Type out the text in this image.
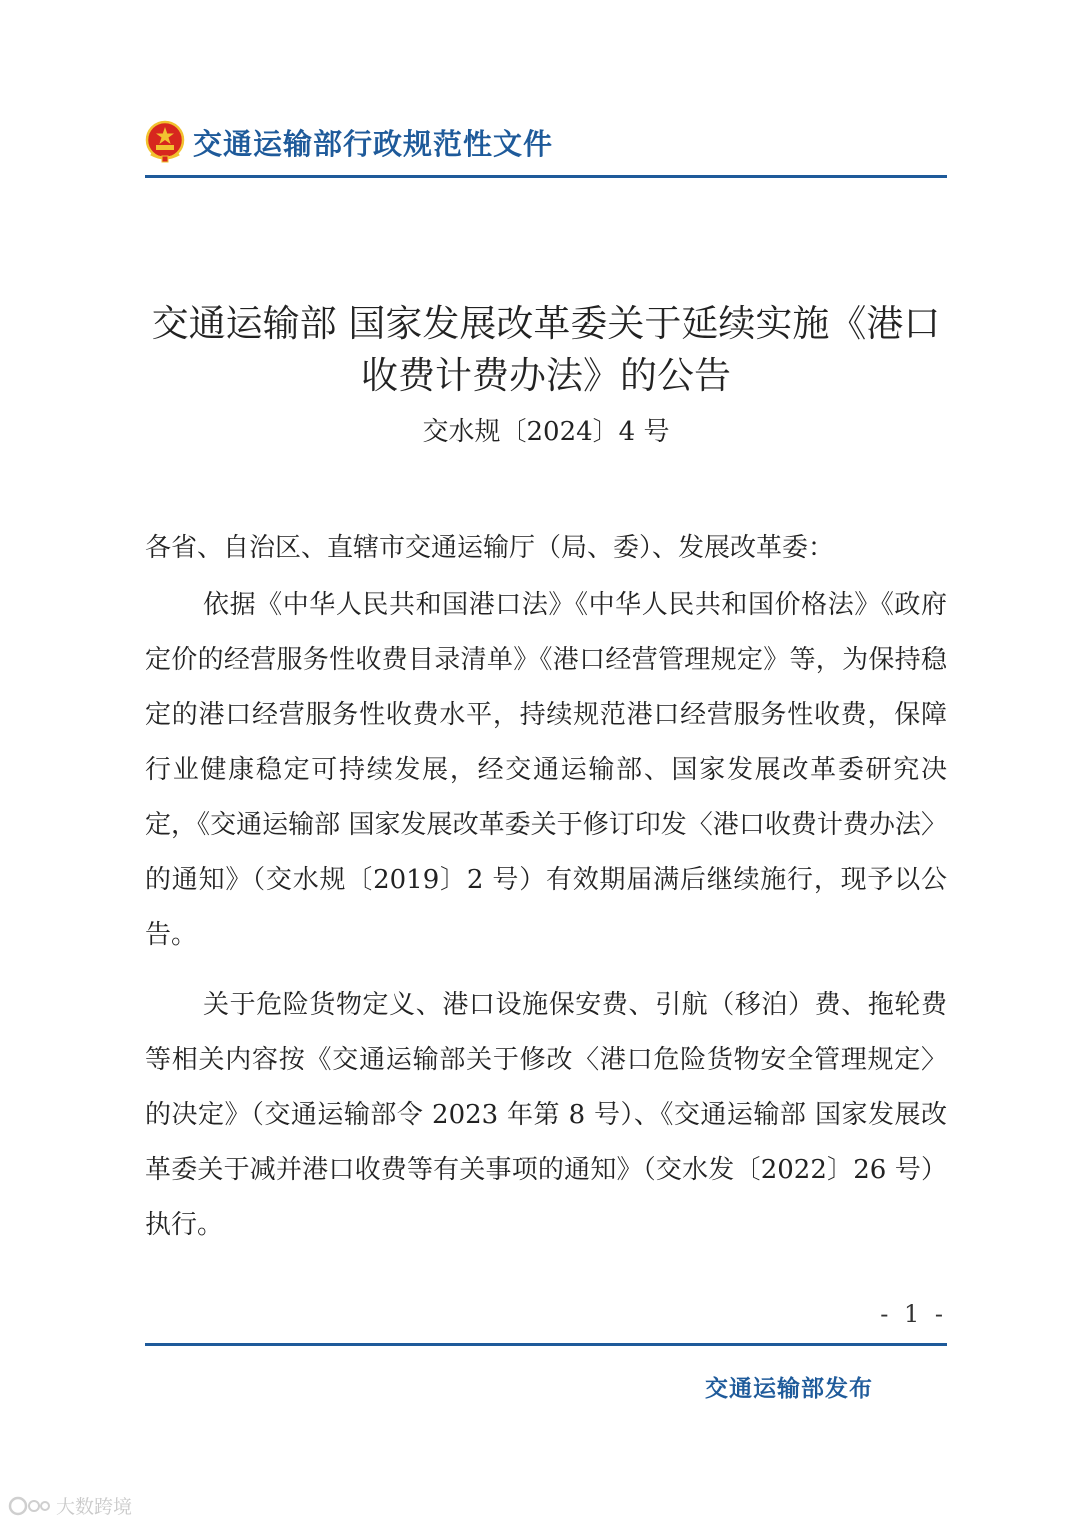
交通运输部行政规范性文件
交通运输部 国家发展改革委关于延续实施《港口收费计费办法》的公告
交水规〔2024〕4 号

各省、自治区、直辖市交通运输厅（局、委）、发展改革委：

依据《中华人民共和国港口法》《中华人民共和国价格法》《政府定价的经营服务性收费目录清单》《港口经营管理规定》等，为保持稳定的港口经营服务性收费水平，持续规范港口经营服务性收费，保障行业健康稳定可持续发展，经交通运输部、国家发展改革委研究决定，《交通运输部 国家发展改革委关于修订印发〈港口收费计费办法〉的通知》（交水规〔2019〕2 号）有效期届满后继续施行，现予以公告。

关于危险货物定义、港口设施保安费、引航（移泊）费、拖轮费等相关内容按《交通运输部关于修改〈港口危险货物安全管理规定〉的决定》（交通运输部令 2023 年第 8 号）、《交通运输部 国家发展改革委关于减并港口收费等有关事项的通知》（交水发〔2022〕26 号）执行。

- 1 -
交通运输部发布
大数跨境
